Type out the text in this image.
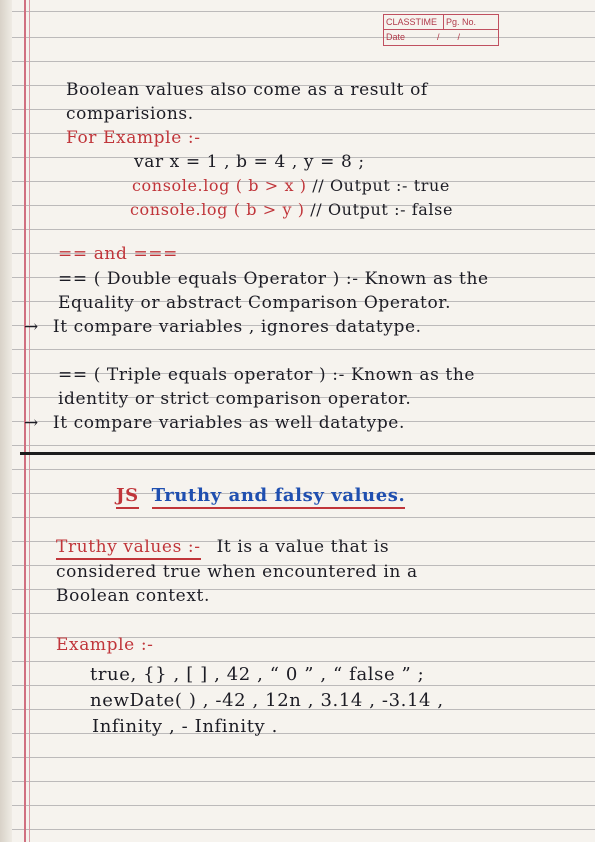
CLASSTIME Pg. No.
Date	/ /
Boolean values also come as a result of
comparisions.
For Example :-
var x = 1 , b = 4 , y = 8 ;
console.log ( b > x ) // Output :- true
console.log ( b > y ) // Output :- false
== and ===
== ( Double equals Operator ) :- Known as the
Equality or abstract Comparison Operator.
→ It compare variables , ignores datatype.
== ( Triple equals operator ) :- Known as the
identity or strict comparison operator.
→ It compare variables as well datatype.
JS Truthy and falsy values.
Truthy values :- It is a value that is
considered true when encountered in a
Boolean context.
Example :-
true, {} , [ ] , 42 , “ 0 ” , “ false ” ;
newDate( ) , -42 , 12n , 3.14 , -3.14 ,
Infinity , - Infinity .
